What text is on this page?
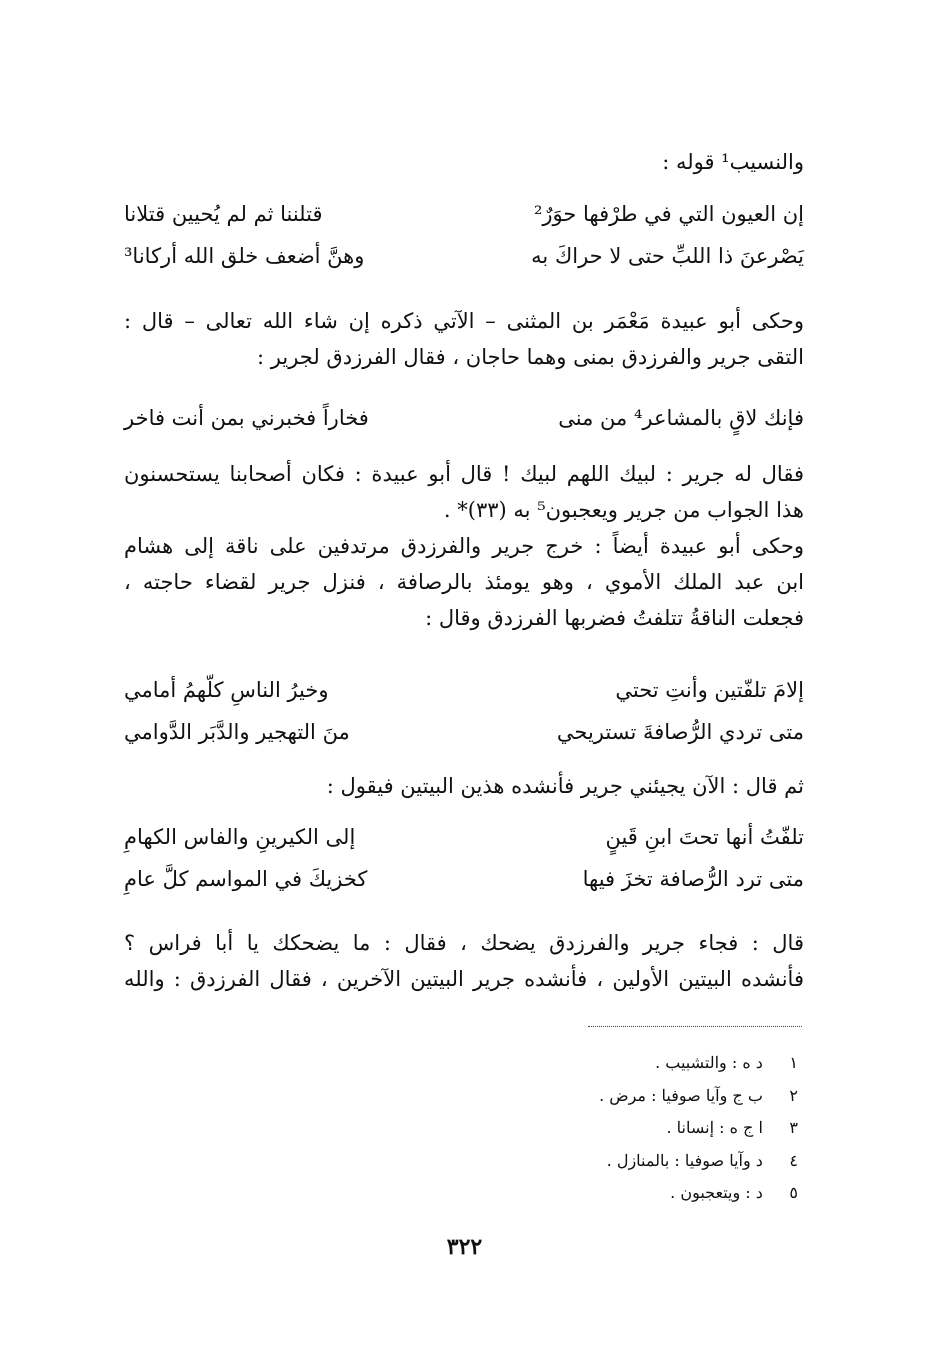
والنسيب¹ قوله :
إن العيون التي في طرْفها حوَرٌ²
قتلننا ثم لم يُحيين قتلانا
يَصْرعنَ ذا اللبِّ حتى لا حراكَ به
وهنَّ أضعف خلق الله أركانا³
وحكى أبو عبيدة مَعْمَر بن المثنى – الآتي ذكره إن شاء الله تعالى – قال :
التقى جرير والفرزدق بمنى وهما حاجان ، فقال الفرزدق لجرير :
فإنك لاقٍ بالمشاعر⁴ من منى
فخاراً فخبرني بمن أنت فاخر
فقال له جرير : لبيك اللهم لبيك ! قال أبو عبيدة : فكان أصحابنا يستحسنون
هذا الجواب من جرير ويعجبون⁵ به (٣٣)* .
وحكى أبو عبيدة أيضاً : خرج جرير والفرزدق مرتدفين على ناقة إلى هشام
ابن عبد الملك الأموي ، وهو يومئذ بالرصافة ، فنزل جرير لقضاء حاجته ،
فجعلت الناقةُ تتلفتُ فضربها الفرزدق وقال :
إلامَ تلفّتين وأنتِ تحتي
وخيرُ الناسِ كلّهمُ أمامي
متى تردي الرُّصافةَ تستريحي
منَ التهجير والدَّبَر الدَّوامي
ثم قال : الآن يجيئني جرير فأنشده هذين البيتين فيقول :
تلفّتُ أنها تحتَ ابنِ قَينٍ
إلى الكيرينِ والفاس الكهامِ
متى ترد الرُّصافة تخزَ فيها
كخزيكَ في المواسم كلَّ عامِ
قال : فجاء جرير والفرزدق يضحك ، فقال : ما يضحكك يا أبا فراس ؟
فأنشده البيتين الأولين ، فأنشده جرير البيتين الآخرين ، فقال الفرزدق : والله
١ د ه : والتشبيب .
٢ ب ج وآيا صوفيا : مرض .
٣ ا ج ه : إنسانا .
٤ د وآيا صوفيا : بالمنازل .
٥ د : ويتعجبون .
٣٢٢
